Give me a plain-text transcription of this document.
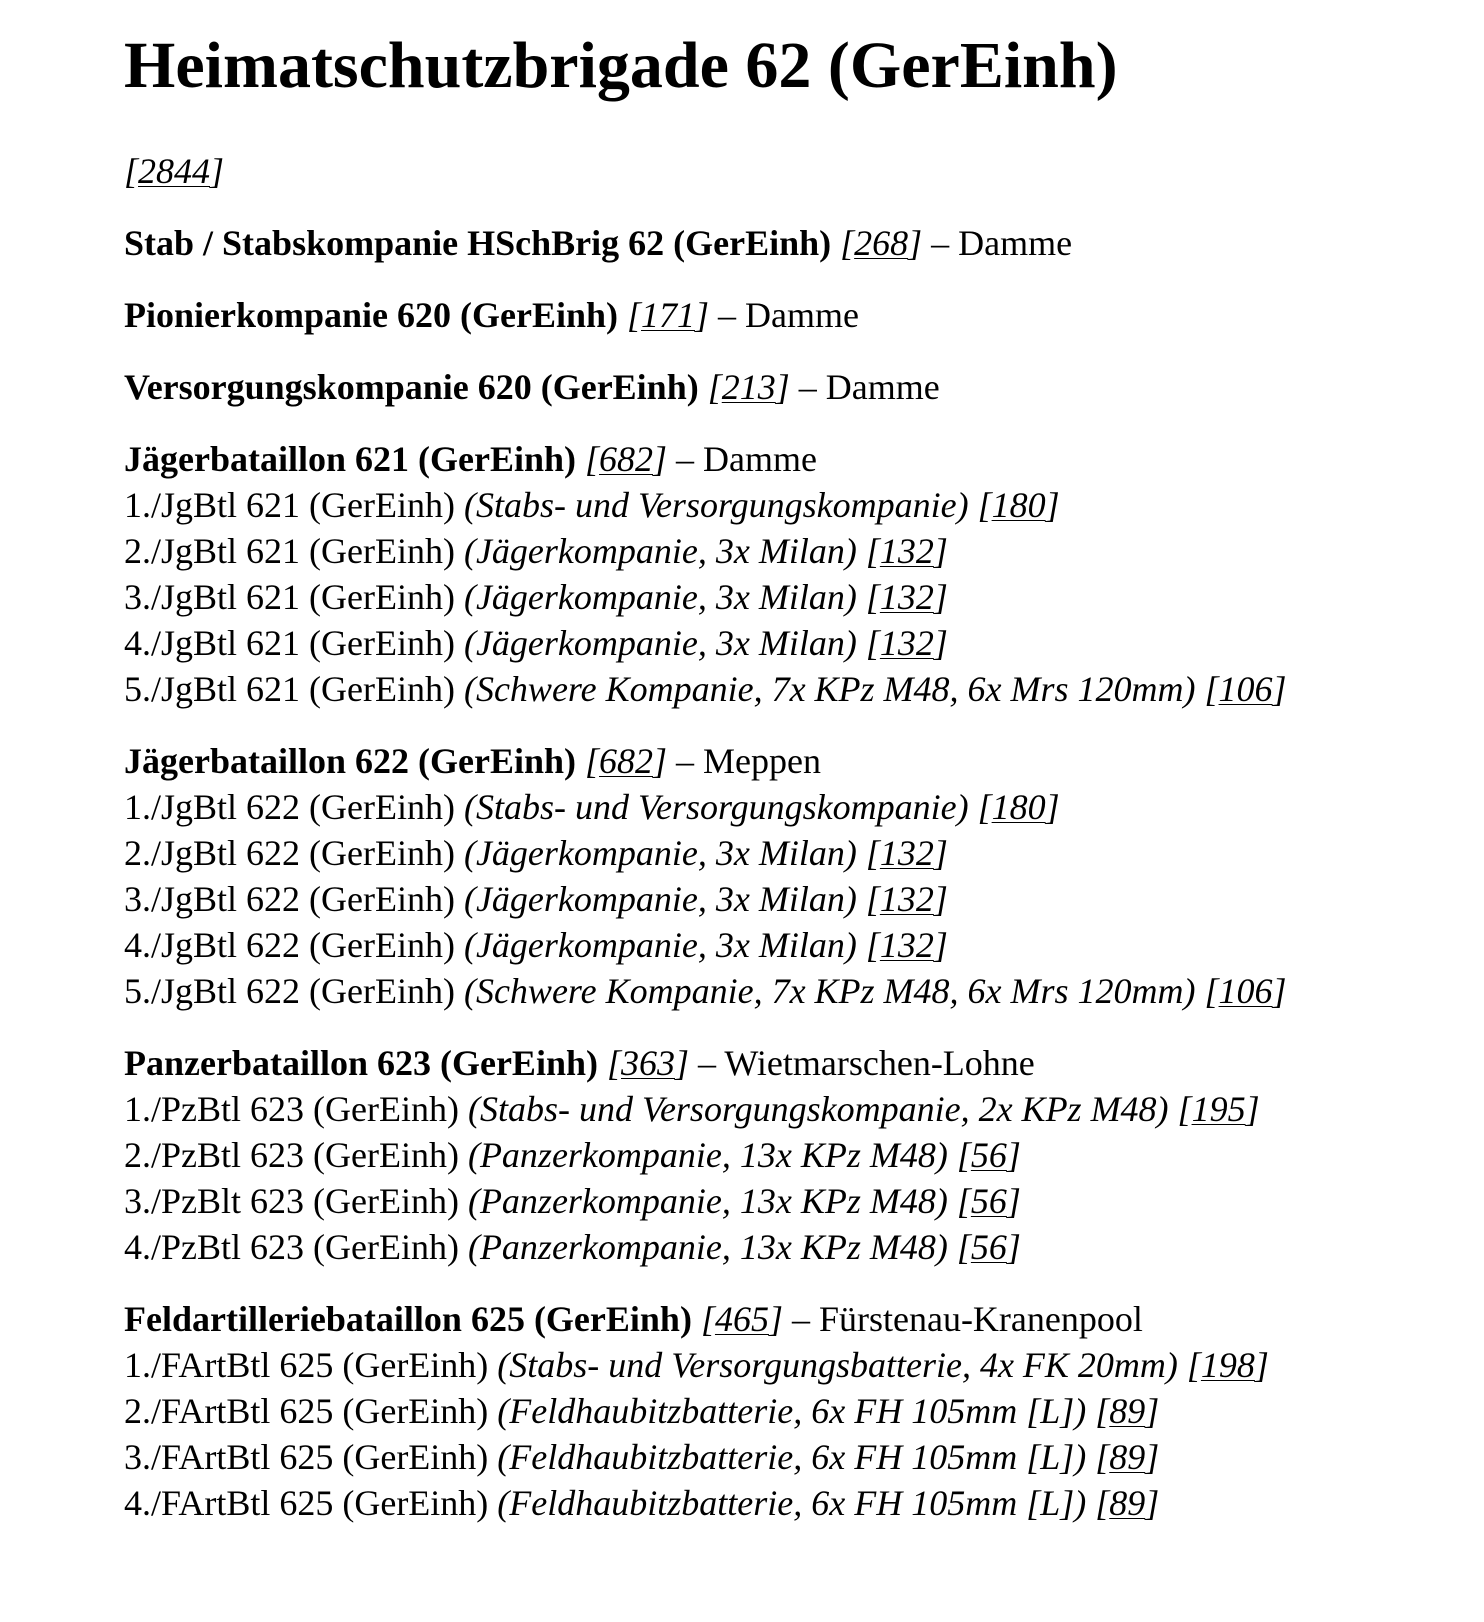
Heimatschutzbrigade 62 (GerEinh)

[2844]

Stab / Stabskompanie HSchBrig 62 (GerEinh) [268] – Damme

Pionierkompanie 620 (GerEinh) [171] – Damme

Versorgungskompanie 620 (GerEinh) [213] – Damme

Jägerbataillon 621 (GerEinh) [682] – Damme

1./JgBtl 621 (GerEinh) (Stabs- und Versorgungskompanie) [180]

2./JgBtl 621 (GerEinh) (Jägerkompanie, 3x Milan) [132]

3./JgBtl 621 (GerEinh) (Jägerkompanie, 3x Milan) [132]

4./JgBtl 621 (GerEinh) (Jägerkompanie, 3x Milan) [132]

5./JgBtl 621 (GerEinh) (Schwere Kompanie, 7x KPz M48, 6x Mrs 120mm) [106]

Jägerbataillon 622 (GerEinh) [682] – Meppen

1./JgBtl 622 (GerEinh) (Stabs- und Versorgungskompanie) [180]

2./JgBtl 622 (GerEinh) (Jägerkompanie, 3x Milan) [132]

3./JgBtl 622 (GerEinh) (Jägerkompanie, 3x Milan) [132]

4./JgBtl 622 (GerEinh) (Jägerkompanie, 3x Milan) [132]

5./JgBtl 622 (GerEinh) (Schwere Kompanie, 7x KPz M48, 6x Mrs 120mm) [106]

Panzerbataillon 623 (GerEinh) [363] – Wietmarschen-Lohne

1./PzBtl 623 (GerEinh) (Stabs- und Versorgungskompanie, 2x KPz M48) [195]

2./PzBtl 623 (GerEinh) (Panzerkompanie, 13x KPz M48) [56]

3./PzBlt 623 (GerEinh) (Panzerkompanie, 13x KPz M48) [56]

4./PzBtl 623 (GerEinh) (Panzerkompanie, 13x KPz M48) [56]

Feldartilleriebataillon 625 (GerEinh) [465] – Fürstenau-Kranenpool

1./FArtBtl 625 (GerEinh) (Stabs- und Versorgungsbatterie, 4x FK 20mm) [198]

2./FArtBtl 625 (GerEinh) (Feldhaubitzbatterie, 6x FH 105mm [L]) [89]

3./FArtBtl 625 (GerEinh) (Feldhaubitzbatterie, 6x FH 105mm [L]) [89]

4./FArtBtl 625 (GerEinh) (Feldhaubitzbatterie, 6x FH 105mm [L]) [89]
